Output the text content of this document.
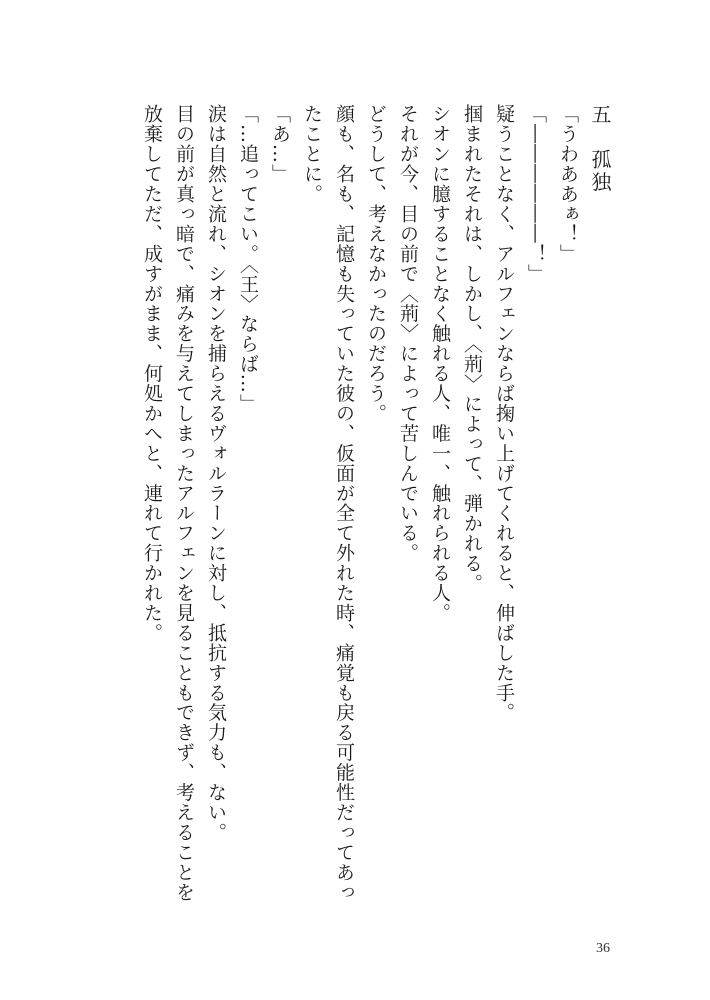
五　孤独

「うわああぁ！」

「――――――！」

疑うことなく、アルフェンならば掬い上げてくれると、伸ばした手。

掴まれたそれは、しかし、〈荊〉によって、弾かれる。

シオンに臆することなく触れる人、唯一、触れられる人。

それが今、目の前で〈荊〉によって苦しんでいる。

どうして、考えなかったのだろう。

顔も、名も、記憶も失っていた彼の、仮面が全て外れた時、痛覚も戻る可能性だってあっ

たことに。

「あ…」

「…追ってこい。〈王〉ならば…」

涙は自然と流れ、シオンを捕らえるヴォルラーンに対し、抵抗する気力も、ない。

目の前が真っ暗で、痛みを与えてしまったアルフェンを見ることもできず、考えることを

放棄してただ、成すがまま、何処かへと、連れて行かれた。

36
